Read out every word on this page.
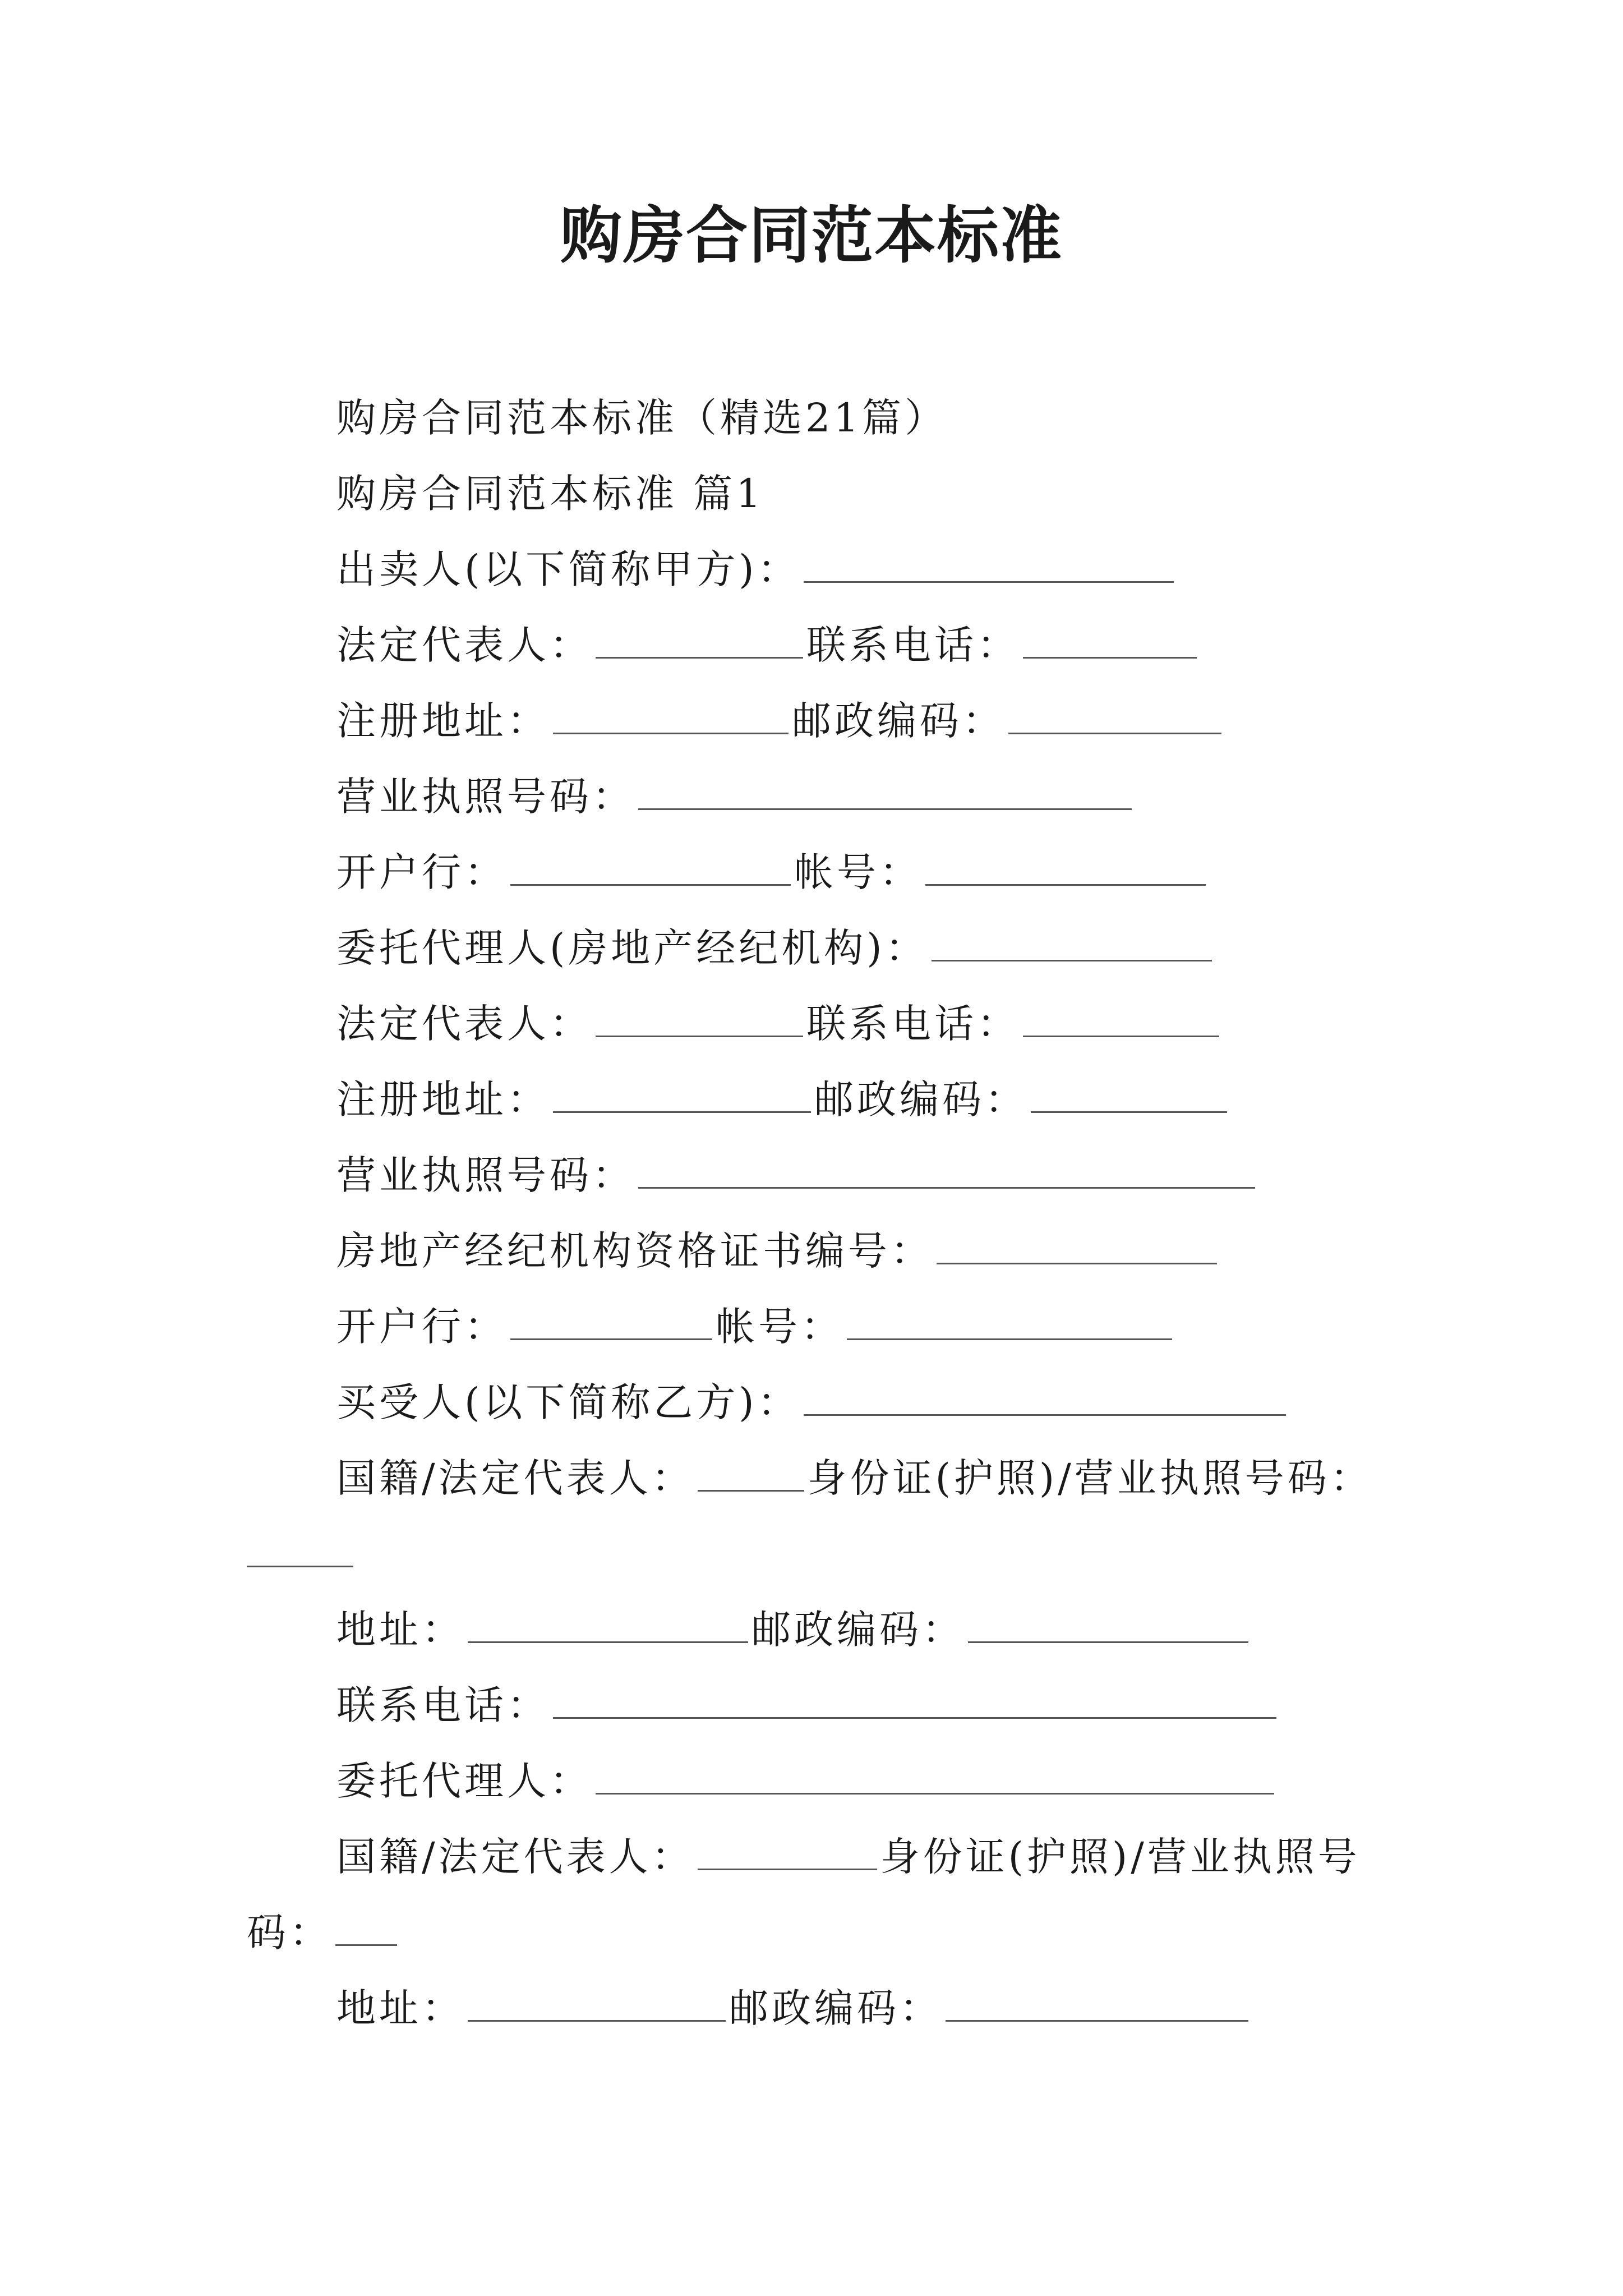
购房合同范本标准
购房合同范本标准（精选21篇）
购房合同范本标准 篇1
出卖人(以下简称甲方)：
法定代表人：	联系电话：
注册地址：	邮政编码：
营业执照号码：
开户行：	帐号：
委托代理人(房地产经纪机构)：
法定代表人：	联系电话：
注册地址：	邮政编码：
营业执照号码：
房地产经纪机构资格证书编号：
开户行：	帐号：
买受人(以下简称乙方)：
国籍/法定代表人：	身份证(护照)/营业执照号码：
地址：	邮政编码：
联系电话：
委托代理人：
国籍/法定代表人：	身份证(护照)/营业执照号
码：
地址：	邮政编码：
